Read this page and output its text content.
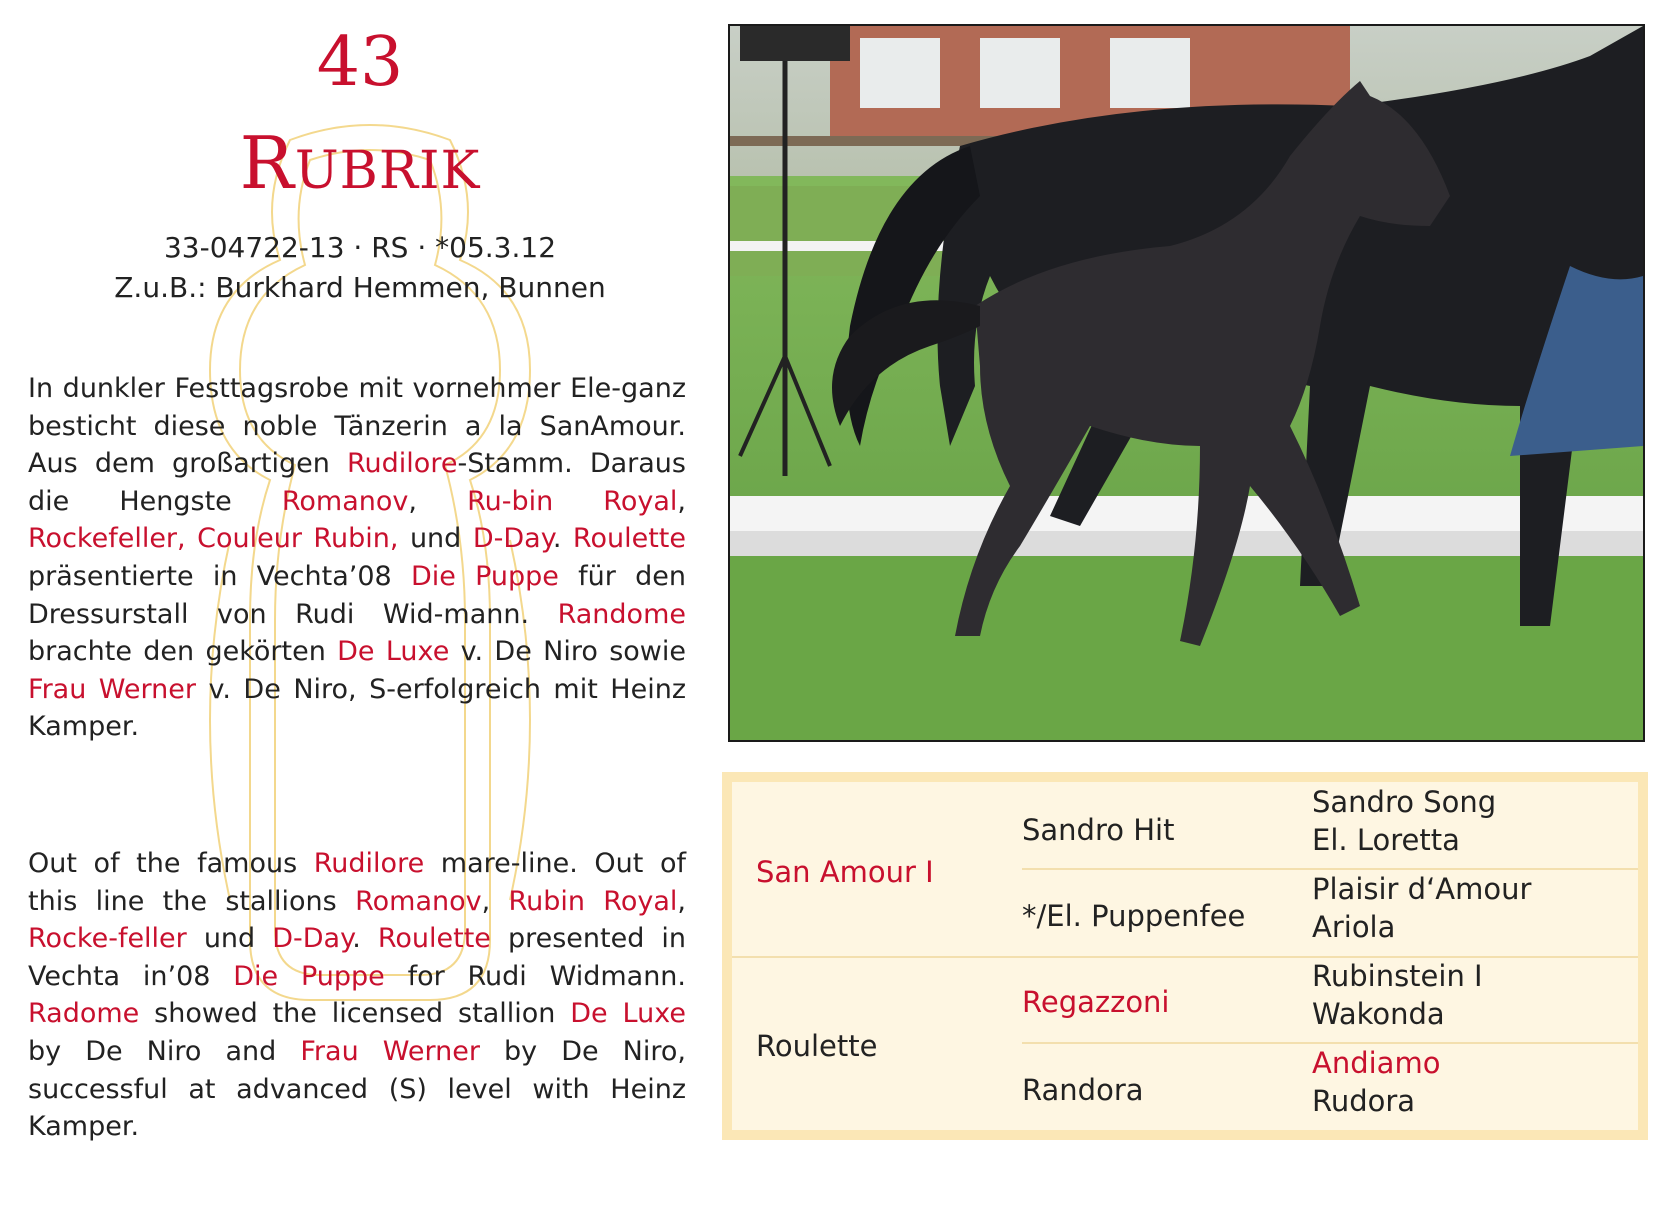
43
RUBRIK
33-04722-13 · RS · *05.3.12
Z.u.B.: Burkhard Hemmen, Bunnen
In dunkler Festtagsrobe mit vornehmer Ele-ganz besticht diese noble Tänzerin a la SanAmour. Aus dem großartigen Rudilore-Stamm. Daraus die Hengste Romanov, Ru-bin Royal, Rockefeller, Couleur Rubin, und D-Day. Roulette präsentierte in Vechta’08 Die Puppe für den Dressurstall von Rudi Wid-mann. Randome brachte den gekörten De Luxe v. De Niro sowie Frau Werner v. De Niro, S-erfolgreich mit Heinz Kamper.
Out of the famous Rudilore mare-line. Out of this line the stallions Romanov, Rubin Royal, Rocke-feller und D-Day. Roulette presented in Vechta in’08 Die Puppe for Rudi Widmann. Radome showed the licensed stallion De Luxe by De Niro and Frau Werner by De Niro, successful at advanced (S) level with Heinz Kamper.
San Amour I
Roulette
Sandro Hit
*/El. Puppenfee
Regazzoni
Randora
Sandro Song
El. Loretta
Plaisir d‘Amour
Ariola
Rubinstein I
Wakonda
Andiamo
Rudora
